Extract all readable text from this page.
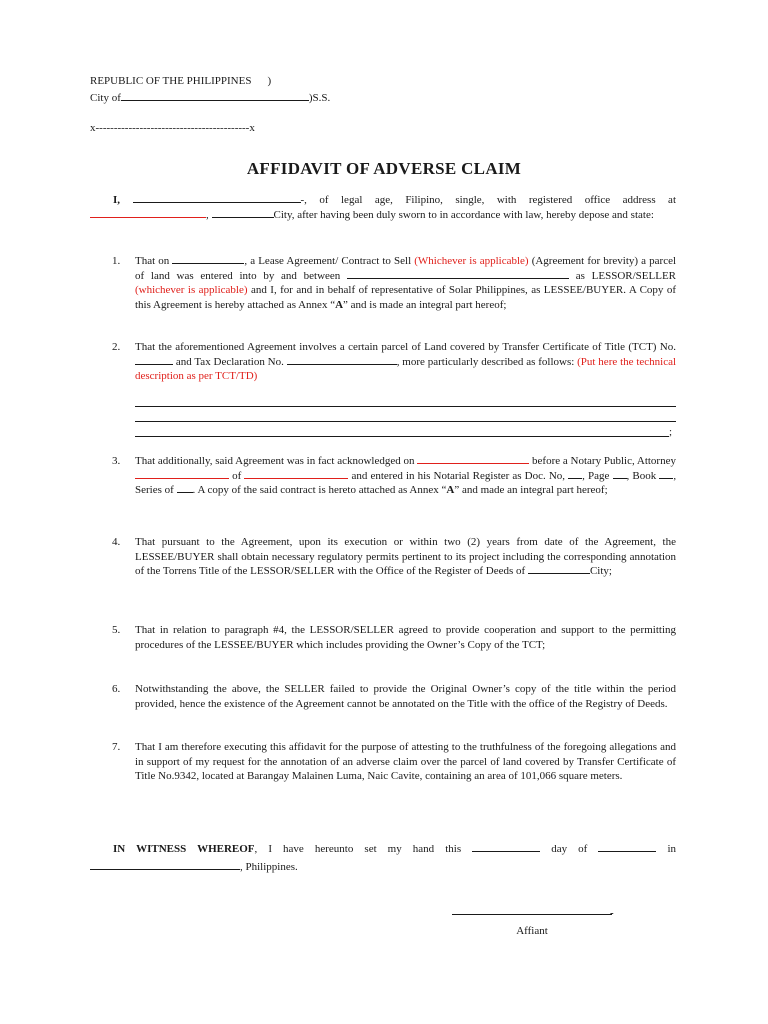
REPUBLIC OF THE PHILIPPINES )
City of	)S.S.
x------------------------------------------x
AFFIDAVIT OF ADVERSE CLAIM
I,	-, of legal age, Filipino, single, with registered office address at ,	City, after having been duly sworn to in accordance with law, hereby depose and state:
1.	That on	, a Lease Agreement/ Contract to Sell (Whichever is applicable) (Agreement for brevity) a parcel of land was entered into by and between	as LESSOR/SELLER (whichever is applicable) and I, for and in behalf of representative of Solar Philippines, as LESSEE/BUYER. A Copy of this Agreement is hereby attached as Annex “A” and is made an integral part hereof;
2.	That the aforementioned Agreement involves a certain parcel of Land covered by Transfer Certificate of Title (TCT) No.  and Tax Declaration No.	, more particularly described as follows: (Put here the technical description as per TCT/TD)
;
3.	That additionally, said Agreement was in fact acknowledged on	before a Notary Public, Attorney  of	and entered in his Notarial Register as Doc. No, , Page , Book , Series of . A copy of the said contract is hereto attached as Annex “A” and made an integral part hereof;
4.	That pursuant to the Agreement, upon its execution or within two (2) years from date of the Agreement, the LESSEE/BUYER shall obtain necessary regulatory permits pertinent to its project including the corresponding annotation of the Torrens Title of the LESSOR/SELLER with the Office of the Register of Deeds of	City;
5.	That in relation to paragraph #4, the LESSOR/SELLER agreed to provide cooperation and support to the permitting procedures of the LESSEE/BUYER which includes providing the Owner’s Copy of the TCT;
6.	Notwithstanding the above, the SELLER failed to provide the Original Owner’s copy of the title within the period provided, hence the existence of the Agreement cannot be annotated on the Title with the office of the Registry of Deeds.
7.	That I am therefore executing this affidavit for the purpose of attesting to the truthfulness of the foregoing allegations and in support of my request for the annotation of an adverse claim over the parcel of land covered by Transfer Certificate of Title No.9342, located at Barangay Malainen Luma, Naic Cavite, containing an area of 101,066 square meters.
IN WITNESS WHEREOF, I have hereunto set my hand this	day of	in , Philippines.
-
Affiant
